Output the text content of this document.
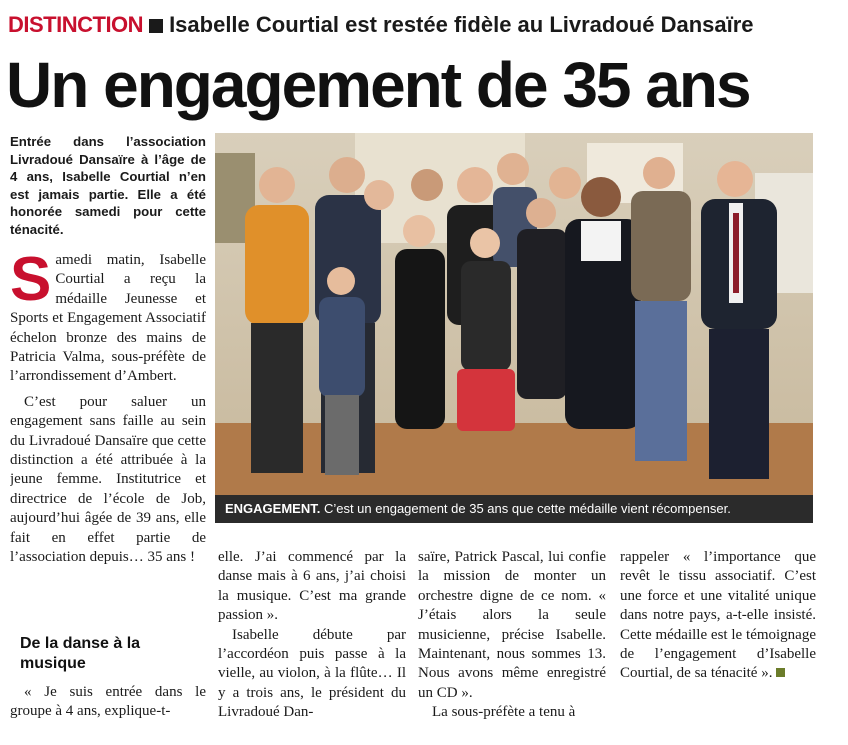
DISTINCTION Isabelle Courtial est restée fidèle au Livradoué Dansaïre
Un engagement de 35 ans
Entrée dans l’association Livradoué Dansaïre à l’âge de 4 ans, Isabelle Courtial n’en est jamais partie. Elle a été honorée samedi pour cette ténacité.

Samedi matin, Isabelle Courtial a reçu la médaille Jeunesse et Sports et Engagement Associatif échelon bronze des mains de Patricia Valma, sous-préfète de l’arrondissement d’Ambert.

C’est pour saluer un engagement sans faille au sein du Livradoué Dansaïre que cette distinction a été attribuée à la jeune femme. Institutrice et directrice de l’école de Job, aujourd’hui âgée de 39 ans, elle fait en effet partie de l’association depuis… 35 ans !

De la danse à la musique

« Je suis entrée dans le groupe à 4 ans, explique-t-

ENGAGEMENT. C’est un engagement de 35 ans que cette médaille vient récompenser.

elle. J’ai commencé par la danse mais à 6 ans, j’ai choisi la musique. C’est ma grande passion ».

Isabelle débute par l’accordéon puis passe à la vielle, au violon, à la flûte… Il y a trois ans, le président du Livradoué Dan-

saïre, Patrick Pascal, lui confie la mission de monter un orchestre digne de ce nom. « J’étais alors la seule musicienne, précise Isabelle. Maintenant, nous sommes 13. Nous avons même enregistré un CD ».

La sous-préfète a tenu à

rappeler « l’importance que revêt le tissu associatif. C’est une force et une vitalité unique dans notre pays, a-t-elle insisté. Cette médaille est le témoignage de l’engagement d’Isabelle Courtial, de sa ténacité ».
